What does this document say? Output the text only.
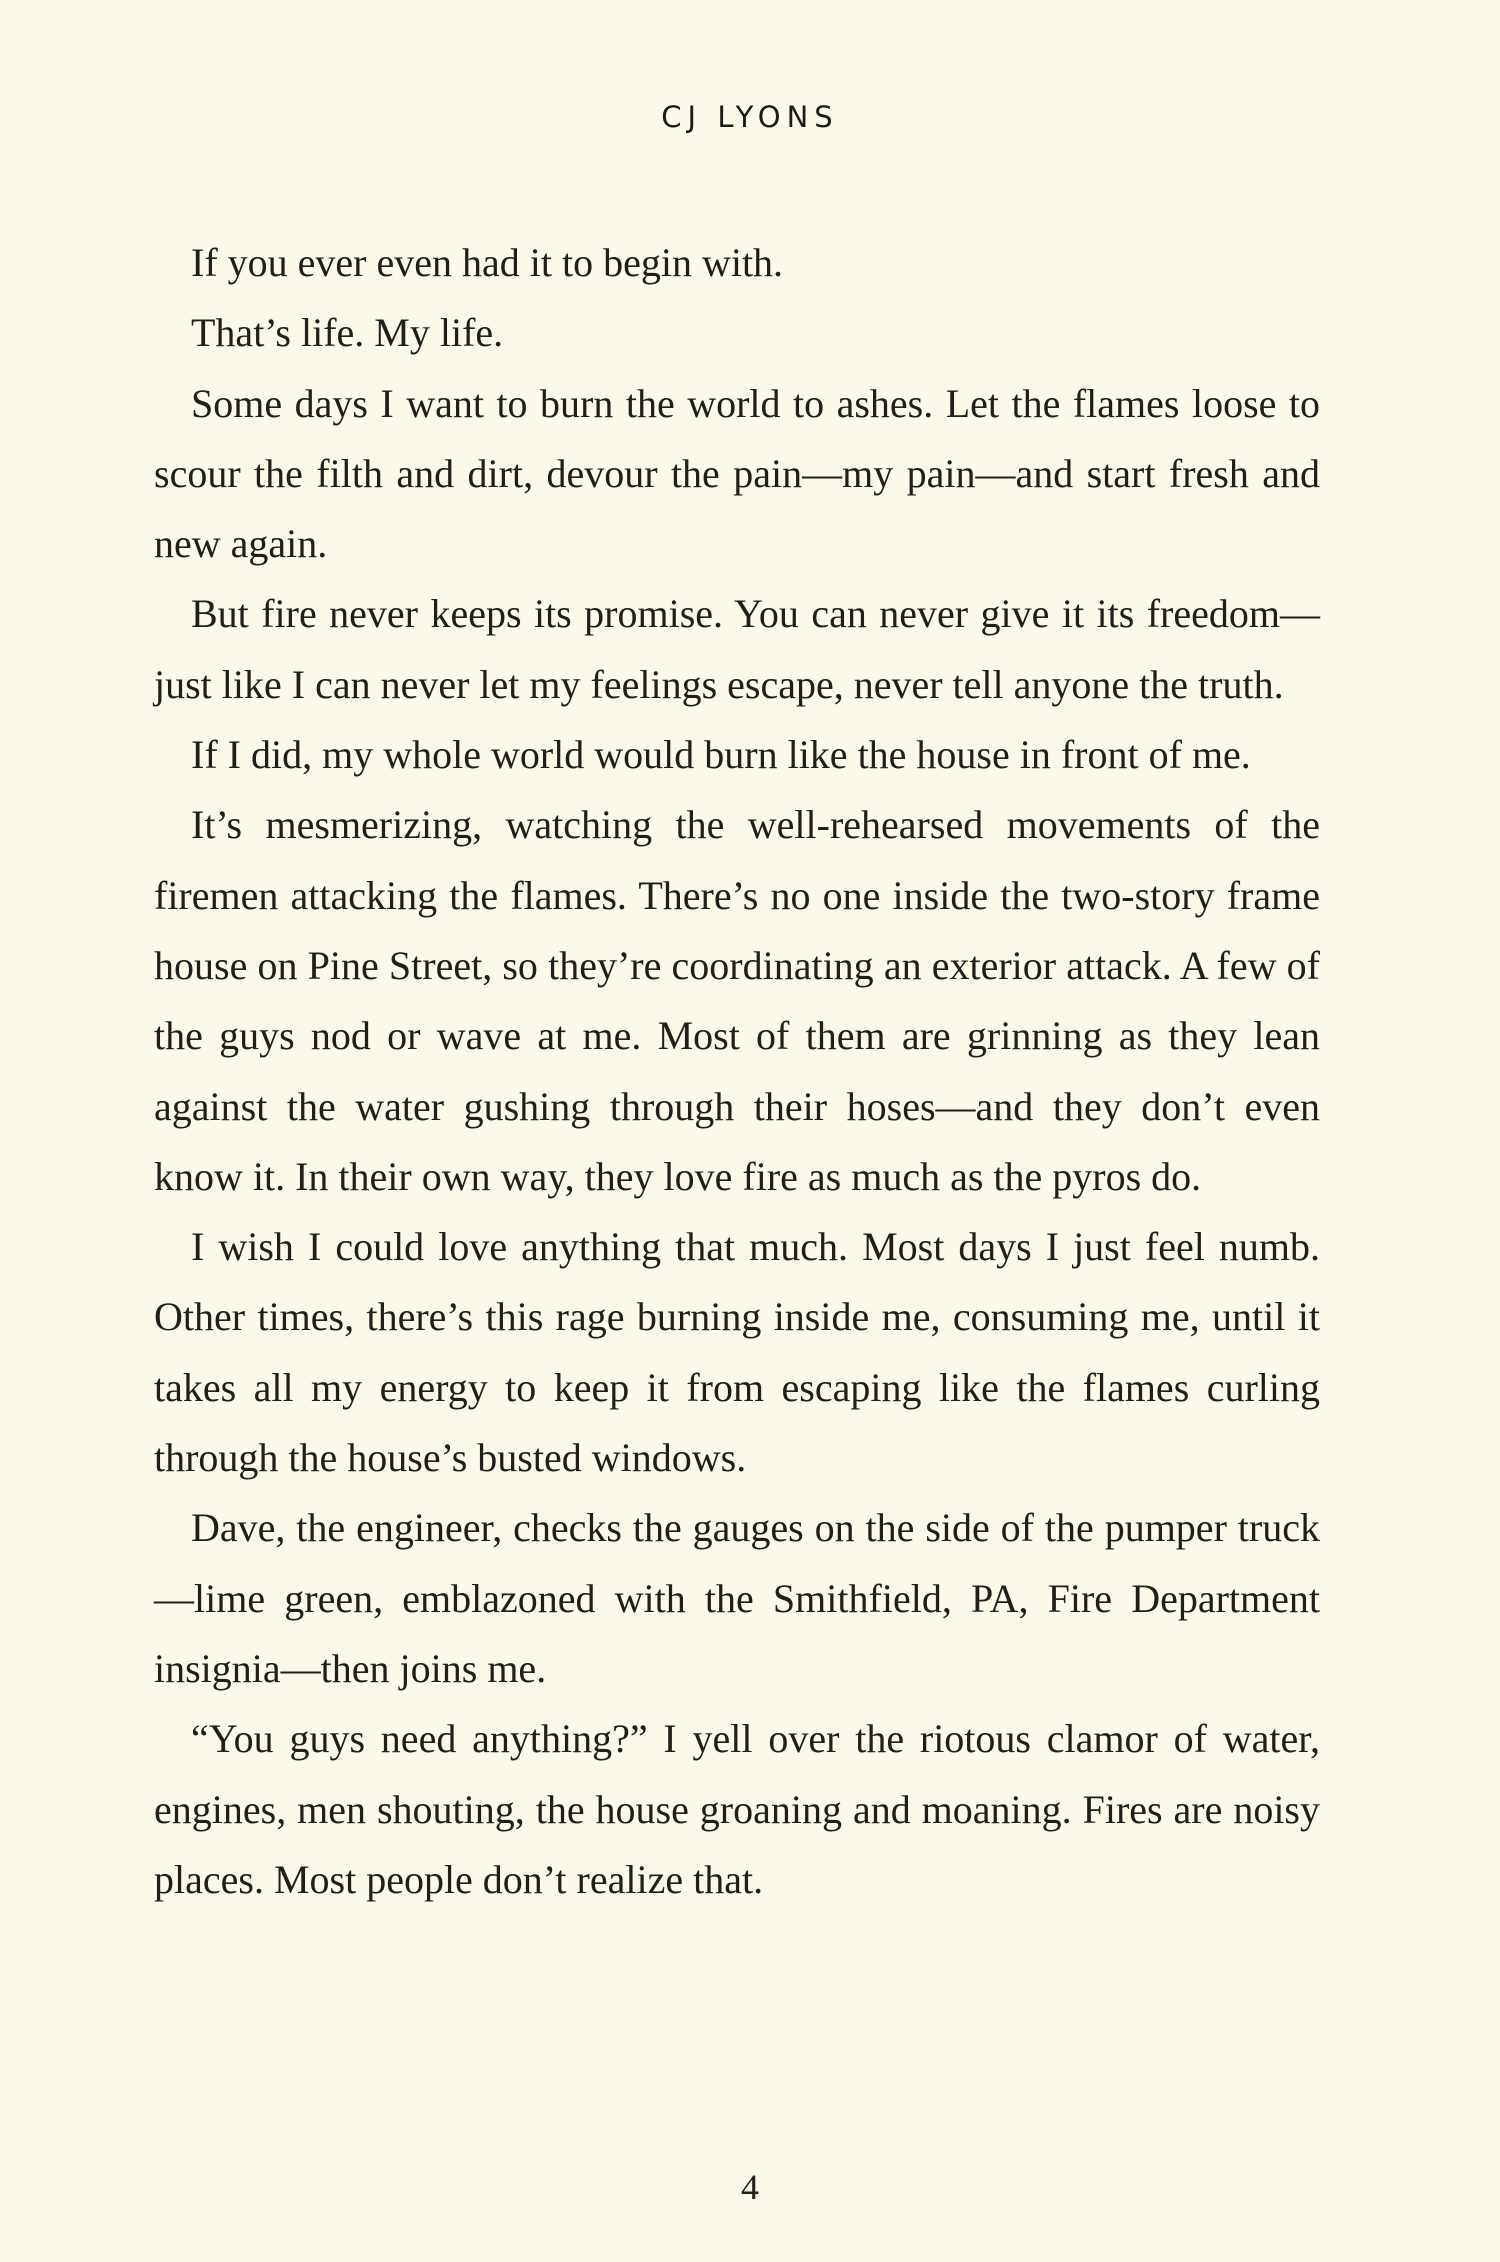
CJ LYONS

If you ever even had it to begin with.

That’s life. My life.

Some days I want to burn the world to ashes. Let the flames loose to scour the filth and dirt, devour the pain—my pain—and start fresh and new again.

But fire never keeps its promise. You can never give it its freedom—just like I can never let my feelings escape, never tell anyone the truth.

If I did, my whole world would burn like the house in front of me.

It’s mesmerizing, watching the well-rehearsed movements of the firemen attacking the flames. There’s no one inside the two-story frame house on Pine Street, so they’re coordinating an exterior attack. A few of the guys nod or wave at me. Most of them are grinning as they lean against the water gushing through their hoses—and they don’t even know it. In their own way, they love fire as much as the pyros do.

I wish I could love anything that much. Most days I just feel numb. Other times, there’s this rage burning inside me, consuming me, until it takes all my energy to keep it from escaping like the flames curling through the house’s busted windows.

Dave, the engineer, checks the gauges on the side of the pumper truck—lime green, emblazoned with the Smithfield, PA, Fire Department insignia—then joins me.

“You guys need anything?” I yell over the riotous clamor of water, engines, men shouting, the house groaning and moaning. Fires are noisy places. Most people don’t realize that.

4
